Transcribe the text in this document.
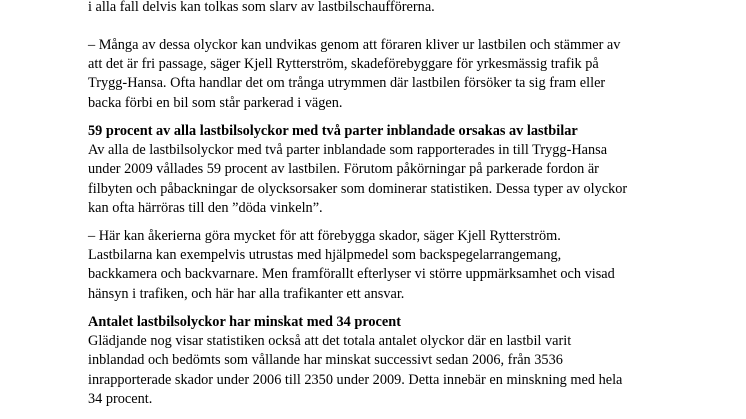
i alla fall delvis kan tolkas som slarv av lastbilschaufförerna.
– Många av dessa olyckor kan undvikas genom att föraren kliver ur lastbilen och stämmer av
att det är fri passage, säger Kjell Rytterström, skadeförebyggare för yrkesmässig trafik på
Trygg-Hansa. Ofta handlar det om trånga utrymmen där lastbilen försöker ta sig fram eller
backa förbi en bil som står parkerad i vägen.
59 procent av alla lastbilsolyckor med två parter inblandade orsakas av lastbilar
Av alla de lastbilsolyckor med två parter inblandade som rapporterades in till Trygg-Hansa
under 2009 vållades 59 procent av lastbilen. Förutom påkörningar på parkerade fordon är
filbyten och påbackningar de olycksorsaker som dominerar statistiken. Dessa typer av olyckor
kan ofta härröras till den ”döda vinkeln”.
– Här kan åkerierna göra mycket för att förebygga skador, säger Kjell Rytterström.
Lastbilarna kan exempelvis utrustas med hjälpmedel som backspegelarrangemang,
backkamera och backvarnare. Men framförallt efterlyser vi större uppmärksamhet och visad
hänsyn i trafiken, och här har alla trafikanter ett ansvar.
Antalet lastbilsolyckor har minskat med 34 procent
Glädjande nog visar statistiken också att det totala antalet olyckor där en lastbil varit
inblandad och bedömts som vållande har minskat successivt sedan 2006, från 3536
inrapporterade skador under 2006 till 2350 under 2009. Detta innebär en minskning med hela
34 procent.
